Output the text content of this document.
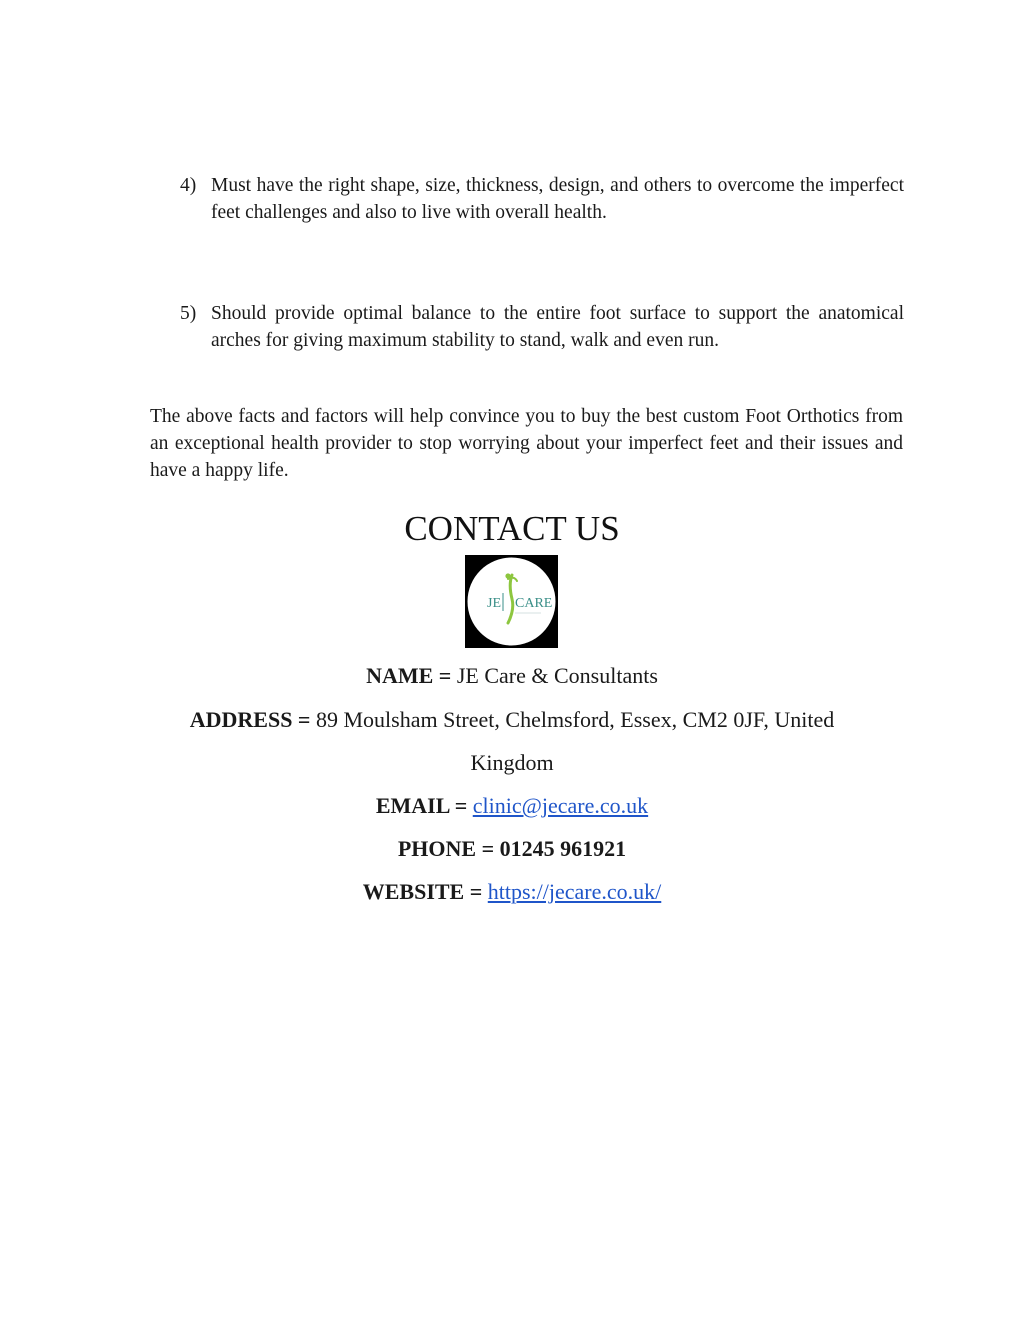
4) Must have the right shape, size, thickness, design, and others to overcome the imperfect feet challenges and also to live with overall health.
5) Should provide optimal balance to the entire foot surface to support the anatomical arches for giving maximum stability to stand, walk and even run.

The above facts and factors will help convince you to buy the best custom Foot Orthotics from an exceptional health provider to stop worrying about your imperfect feet and their issues and have a happy life.

CONTACT US
JE CARE
NAME = JE Care & Consultants
ADDRESS = 89 Moulsham Street, Chelmsford, Essex, CM2 0JF, United
Kingdom
EMAIL = clinic@jecare.co.uk
PHONE = 01245 961921
WEBSITE = https://jecare.co.uk/
